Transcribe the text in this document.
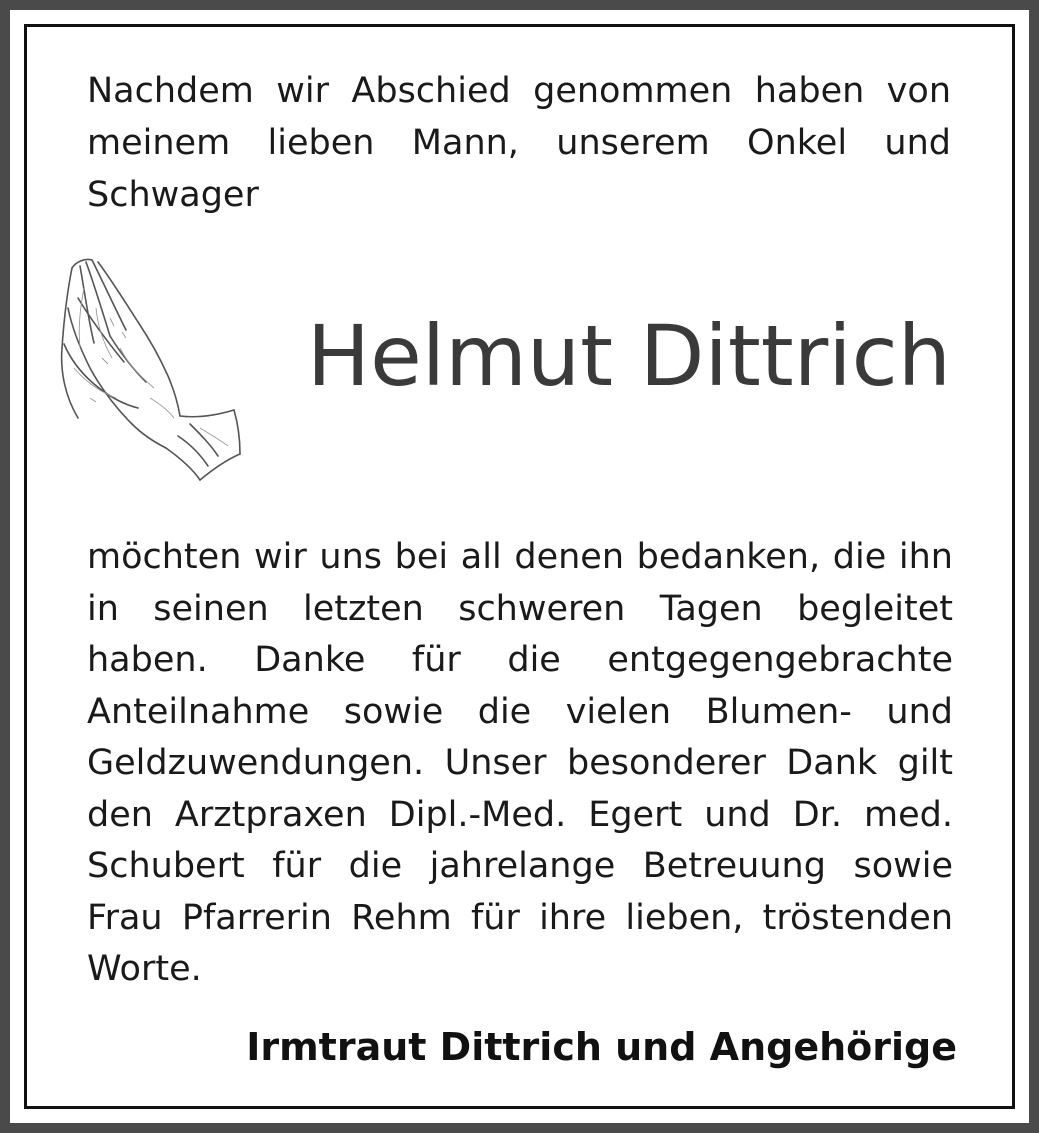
Nachdem wir Abschied genommen haben von meinem lieben Mann, unserem Onkel und Schwager

Helmut Dittrich

möchten wir uns bei all denen bedanken, die ihn in seinen letzten schweren Tagen begleitet haben. Danke für die entgegengebrachte Anteilnahme sowie die vielen Blumen- und Geldzuwendungen. Unser besonderer Dank gilt den Arztpraxen Dipl.-Med. Egert und Dr. med. Schubert für die jahrelange Betreuung sowie Frau Pfarrerin Rehm für ihre lieben, tröstenden Worte.

Irmtraut Dittrich und Angehörige
